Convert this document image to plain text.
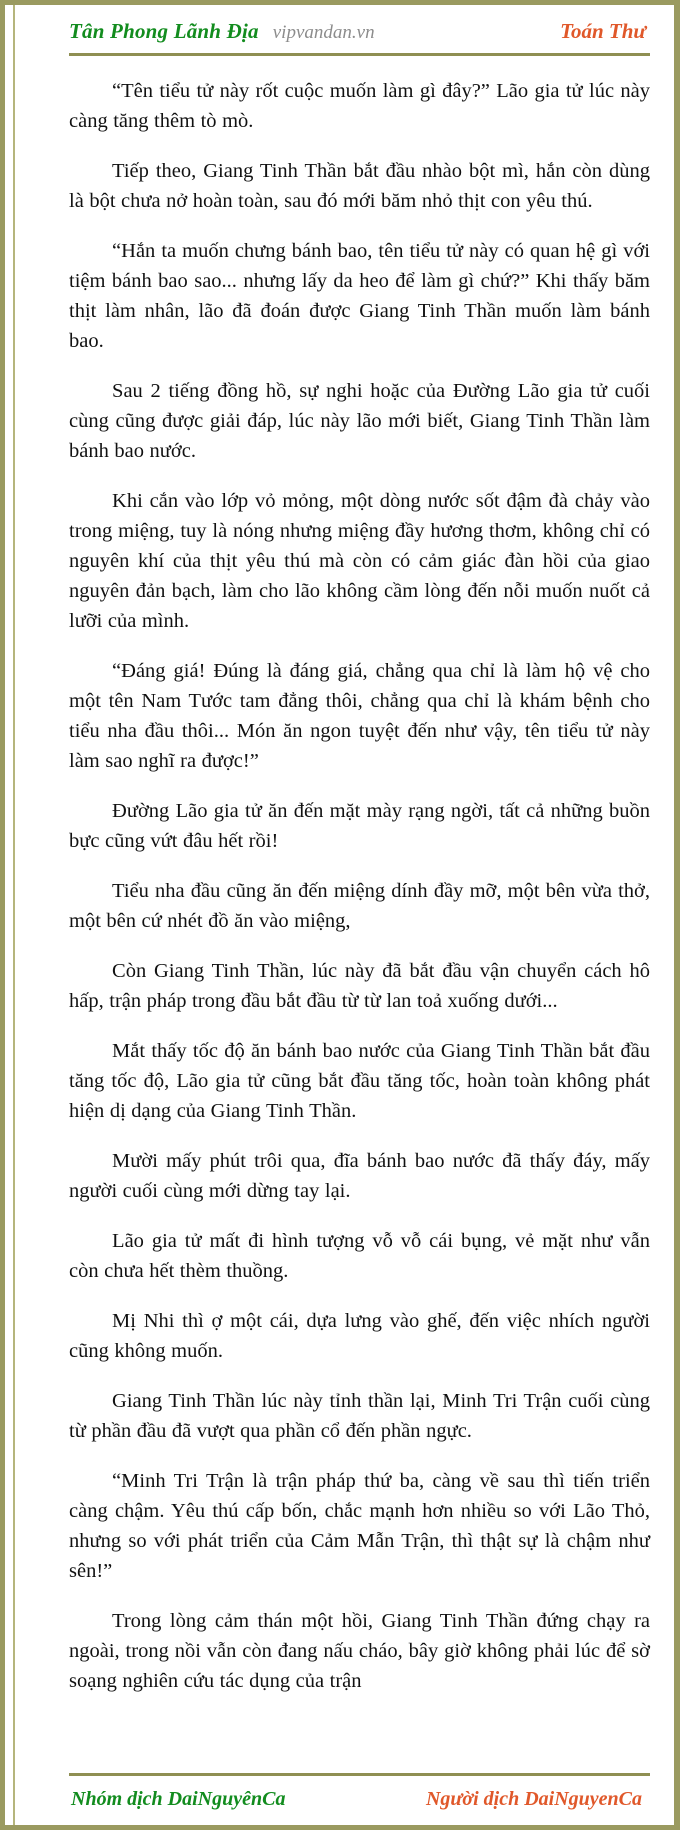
Tân Phong Lãnh Địa vipvandan.vn	Toán Thư

“Tên tiểu tử này rốt cuộc muốn làm gì đây?” Lão gia tử lúc này càng tăng thêm tò mò.

Tiếp theo, Giang Tinh Thần bắt đầu nhào bột mì, hắn còn dùng là bột chưa nở hoàn toàn, sau đó mới băm nhỏ thịt con yêu thú.

“Hắn ta muốn chưng bánh bao, tên tiểu tử này có quan hệ gì với tiệm bánh bao sao... nhưng lấy da heo để làm gì chứ?” Khi thấy băm thịt làm nhân, lão đã đoán được Giang Tinh Thần muốn làm bánh bao.

Sau 2 tiếng đồng hồ, sự nghi hoặc của Đường Lão gia tử cuối cùng cũng được giải đáp, lúc này lão mới biết, Giang Tinh Thần làm bánh bao nước.

Khi cắn vào lớp vỏ mỏng, một dòng nước sốt đậm đà chảy vào trong miệng, tuy là nóng nhưng miệng đầy hương thơm, không chỉ có nguyên khí của thịt yêu thú mà còn có cảm giác đàn hồi của giao nguyên đản bạch, làm cho lão không cầm lòng đến nỗi muốn nuốt cả lưỡi của mình.

“Đáng giá! Đúng là đáng giá, chẳng qua chỉ là làm hộ vệ cho một tên Nam Tước tam đẳng thôi, chẳng qua chỉ là khám bệnh cho tiểu nha đầu thôi... Món ăn ngon tuyệt đến như vậy, tên tiểu tử này làm sao nghĩ ra được!”

Đường Lão gia tử ăn đến mặt mày rạng ngời, tất cả những buồn bực cũng vứt đâu hết rồi!

Tiểu nha đầu cũng ăn đến miệng dính đầy mỡ, một bên vừa thở, một bên cứ nhét đồ ăn vào miệng,

Còn Giang Tinh Thần, lúc này đã bắt đầu vận chuyển cách hô hấp, trận pháp trong đầu bắt đầu từ từ lan toả xuống dưới...

Mắt thấy tốc độ ăn bánh bao nước của Giang Tinh Thần bắt đầu tăng tốc độ, Lão gia tử cũng bắt đầu tăng tốc, hoàn toàn không phát hiện dị dạng của Giang Tinh Thần.

Mười mấy phút trôi qua, đĩa bánh bao nước đã thấy đáy, mấy người cuối cùng mới dừng tay lại.

Lão gia tử mất đi hình tượng vỗ vỗ cái bụng, vẻ mặt như vẫn còn chưa hết thèm thuồng.

Mị Nhi thì ợ một cái, dựa lưng vào ghế, đến việc nhích người cũng không muốn.

Giang Tinh Thần lúc này tỉnh thần lại, Minh Tri Trận cuối cùng từ phần đầu đã vượt qua phần cổ đến phần ngực.

“Minh Tri Trận là trận pháp thứ ba, càng về sau thì tiến triển càng chậm. Yêu thú cấp bốn, chắc mạnh hơn nhiều so với Lão Thỏ, nhưng so với phát triển của Cảm Mẫn Trận, thì thật sự là chậm như sên!”

Trong lòng cảm thán một hồi, Giang Tinh Thần đứng chạy ra ngoài, trong nồi vẫn còn đang nấu cháo, bây giờ không phải lúc để sờ soạng nghiên cứu tác dụng của trận

Nhóm dịch DaiNguyênCa	Người dịch DaiNguyenCa
